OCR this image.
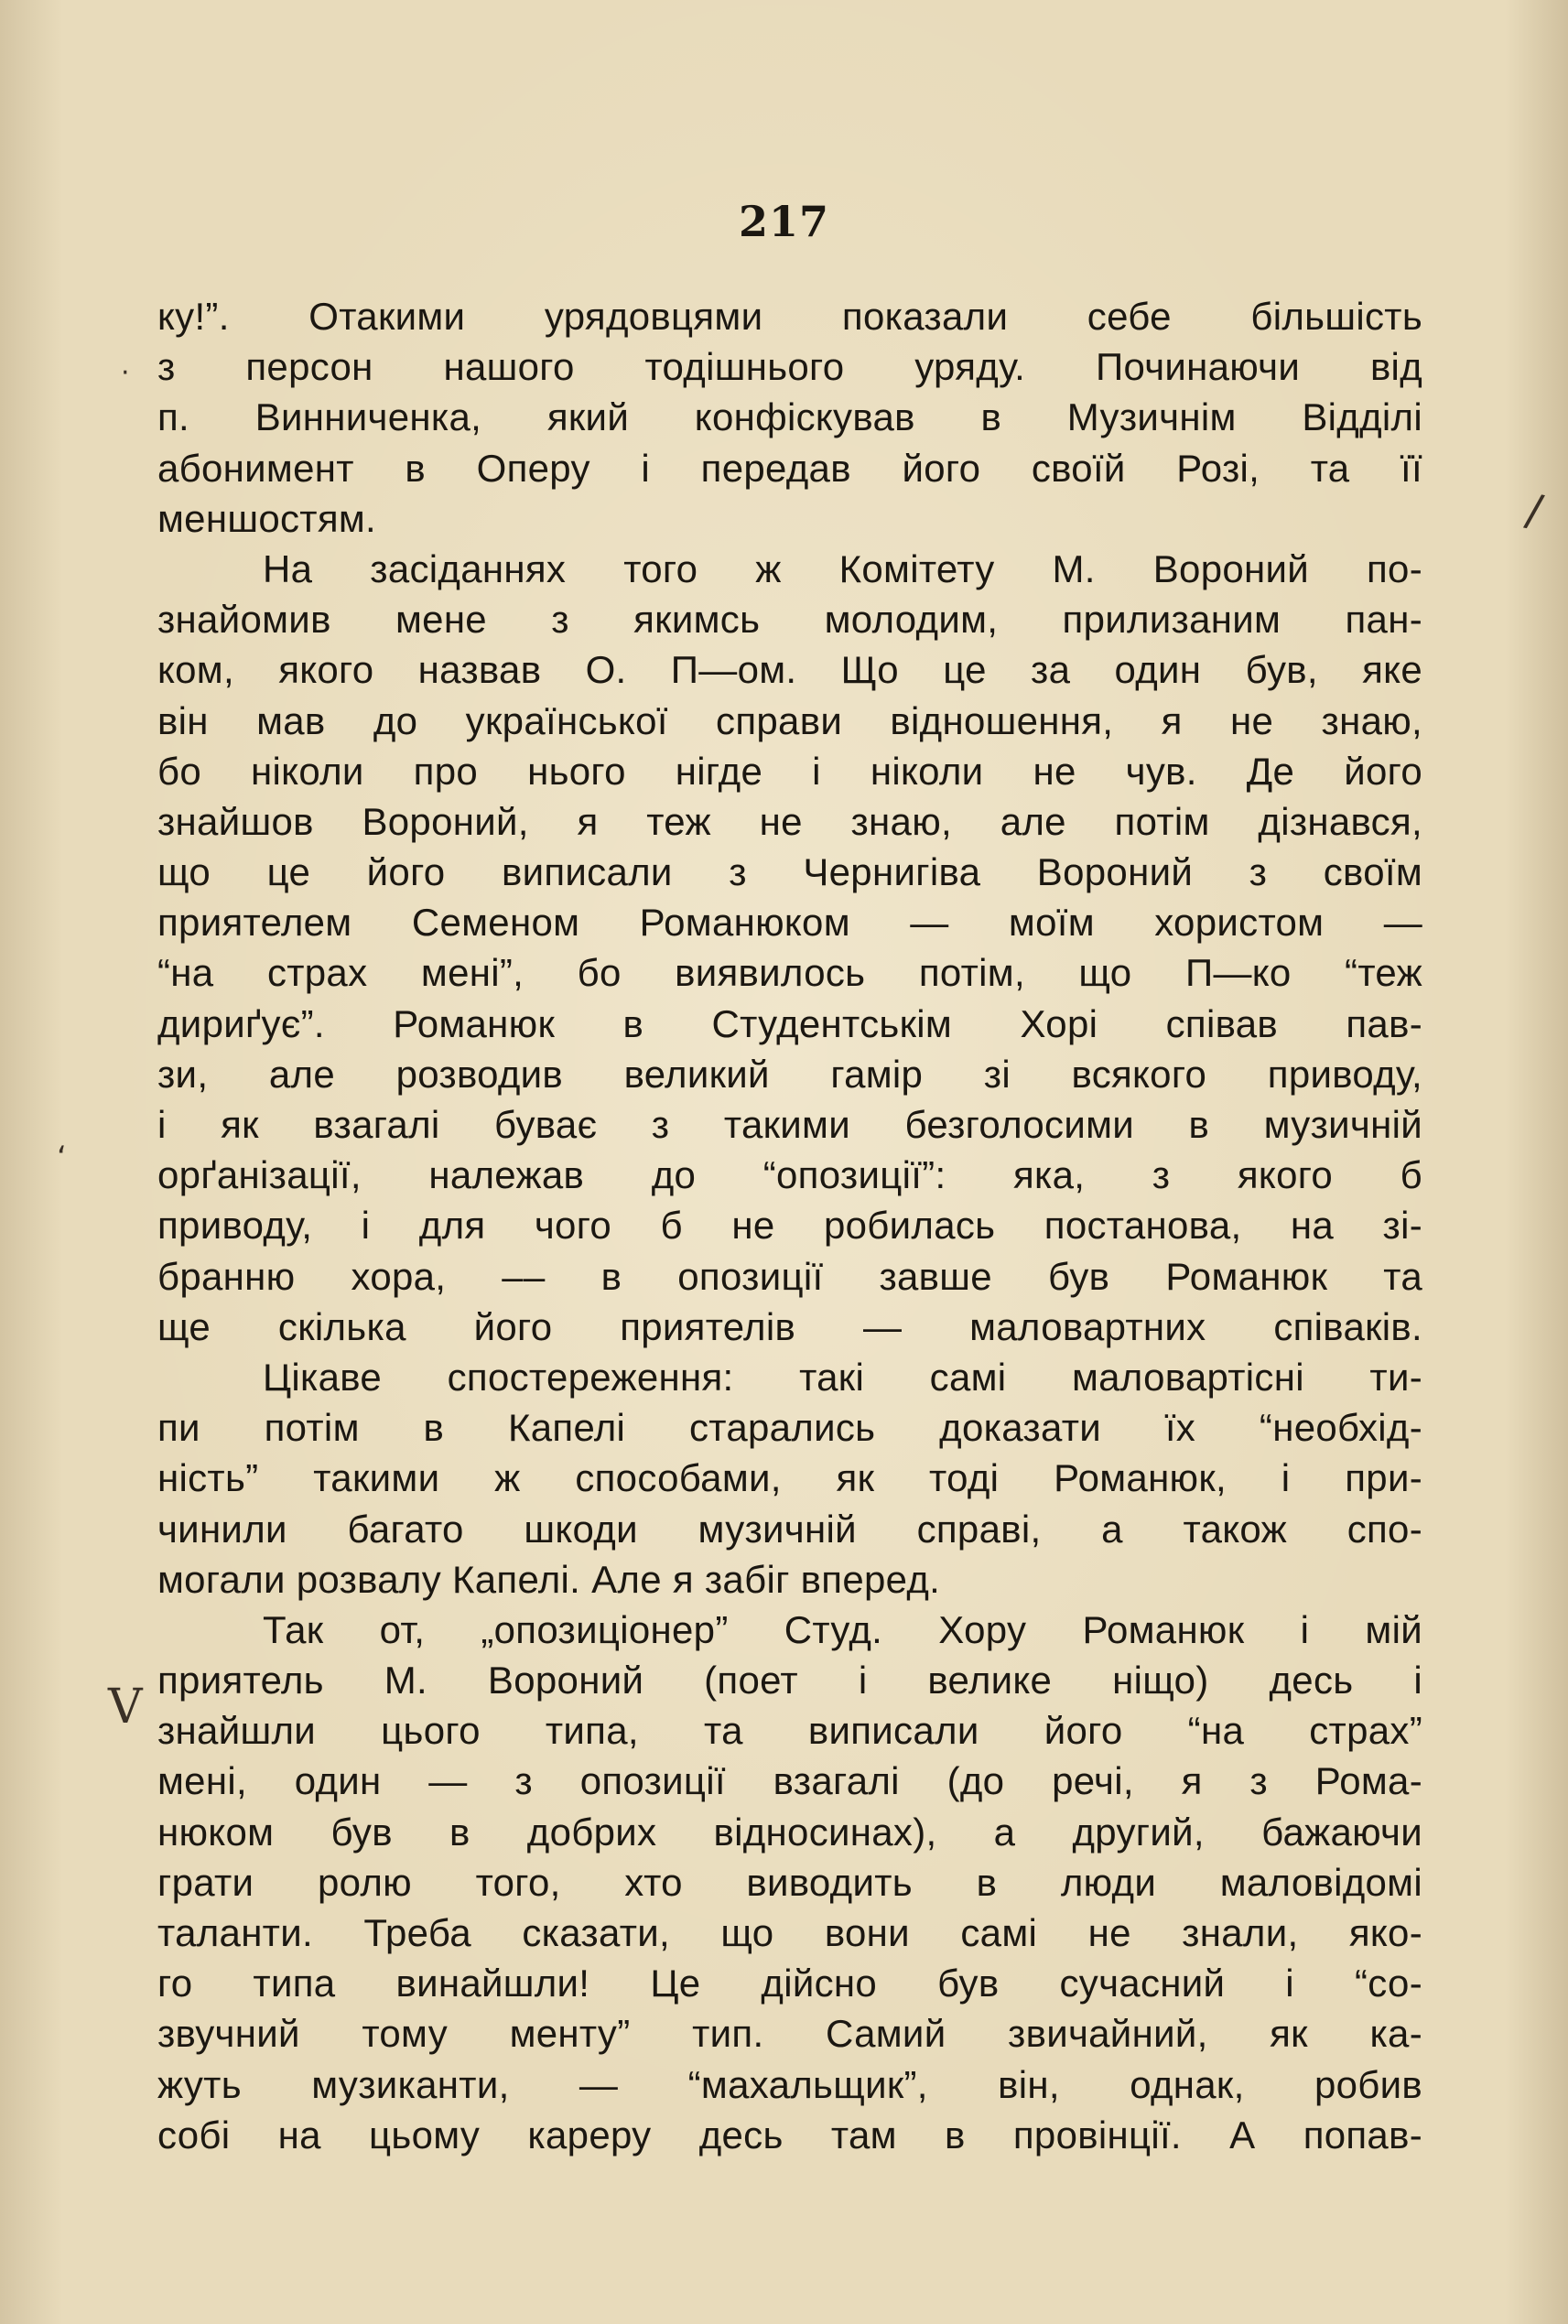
217
ку!”. Отакими урядовцями показали себе більшість
з персон нашого тодішнього уряду. Починаючи від
п. Винниченка, який конфіскував в Музичнім Відділі
абонимент в Оперу і передав його своїй Розі, та її
меншостям.
На засіданнях того ж Комітету М. Вороний по-
знайомив мене з якимсь молодим, прилизаним пан-
ком, якого назвав О. П—ом. Що це за один був, яке
він мав до української справи відношення, я не знаю,
бо ніколи про нього нігде і ніколи не чув. Де його
знайшов Вороний, я теж не знаю, але потім дізнався,
що це його виписали з Чернигіва Вороний з своїм
приятелем Семеном Романюком — моїм хористом —
“на страх мені”, бо виявилось потім, що П—ко “теж
дириґує”. Романюк в Студентськім Хорі співав пав-
зи, але розводив великий гамір зі всякого приводу,
і як взагалі буває з такими безголосими в музичній
орґанізації, належав до “опозиції”: яка, з якого б
приводу, і для чого б не робилась постанова, на зі-
бранню хора, –– в опозиції завше був Романюк та
ще скілька його приятелів — маловартних співаків.
Цікаве спостереження: такі самі маловартісні ти-
пи потім в Капелі старались доказати їх “необхід-
ність” такими ж способами, як тоді Романюк, і при-
чинили багато шкоди музичній справі, а також спо-
могали розвалу Капелі. Але я забіг вперед.
Так от, „опозиціонер” Студ. Хору Романюк і мій
приятель М. Вороний (поет і велике ніщо) десь і
знайшли цього типа, та виписали його “на страх”
мені, один — з опозиції взагалі (до речі, я з Рома-
нюком був в добрих відносинах), а другий, бажаючи
грати ролю того, хто виводить в люди маловідомі
таланти. Треба сказати, що вони самі не знали, яко-
го типа винайшли! Це дійсно був сучасний і “со-
звучний тому менту” тип. Самий звичайний, як ка-
жуть музиканти, — “махальщик”, він, однак, робив
собі на цьому кареру десь там в провінції. А попав-
/
V
·
‘
